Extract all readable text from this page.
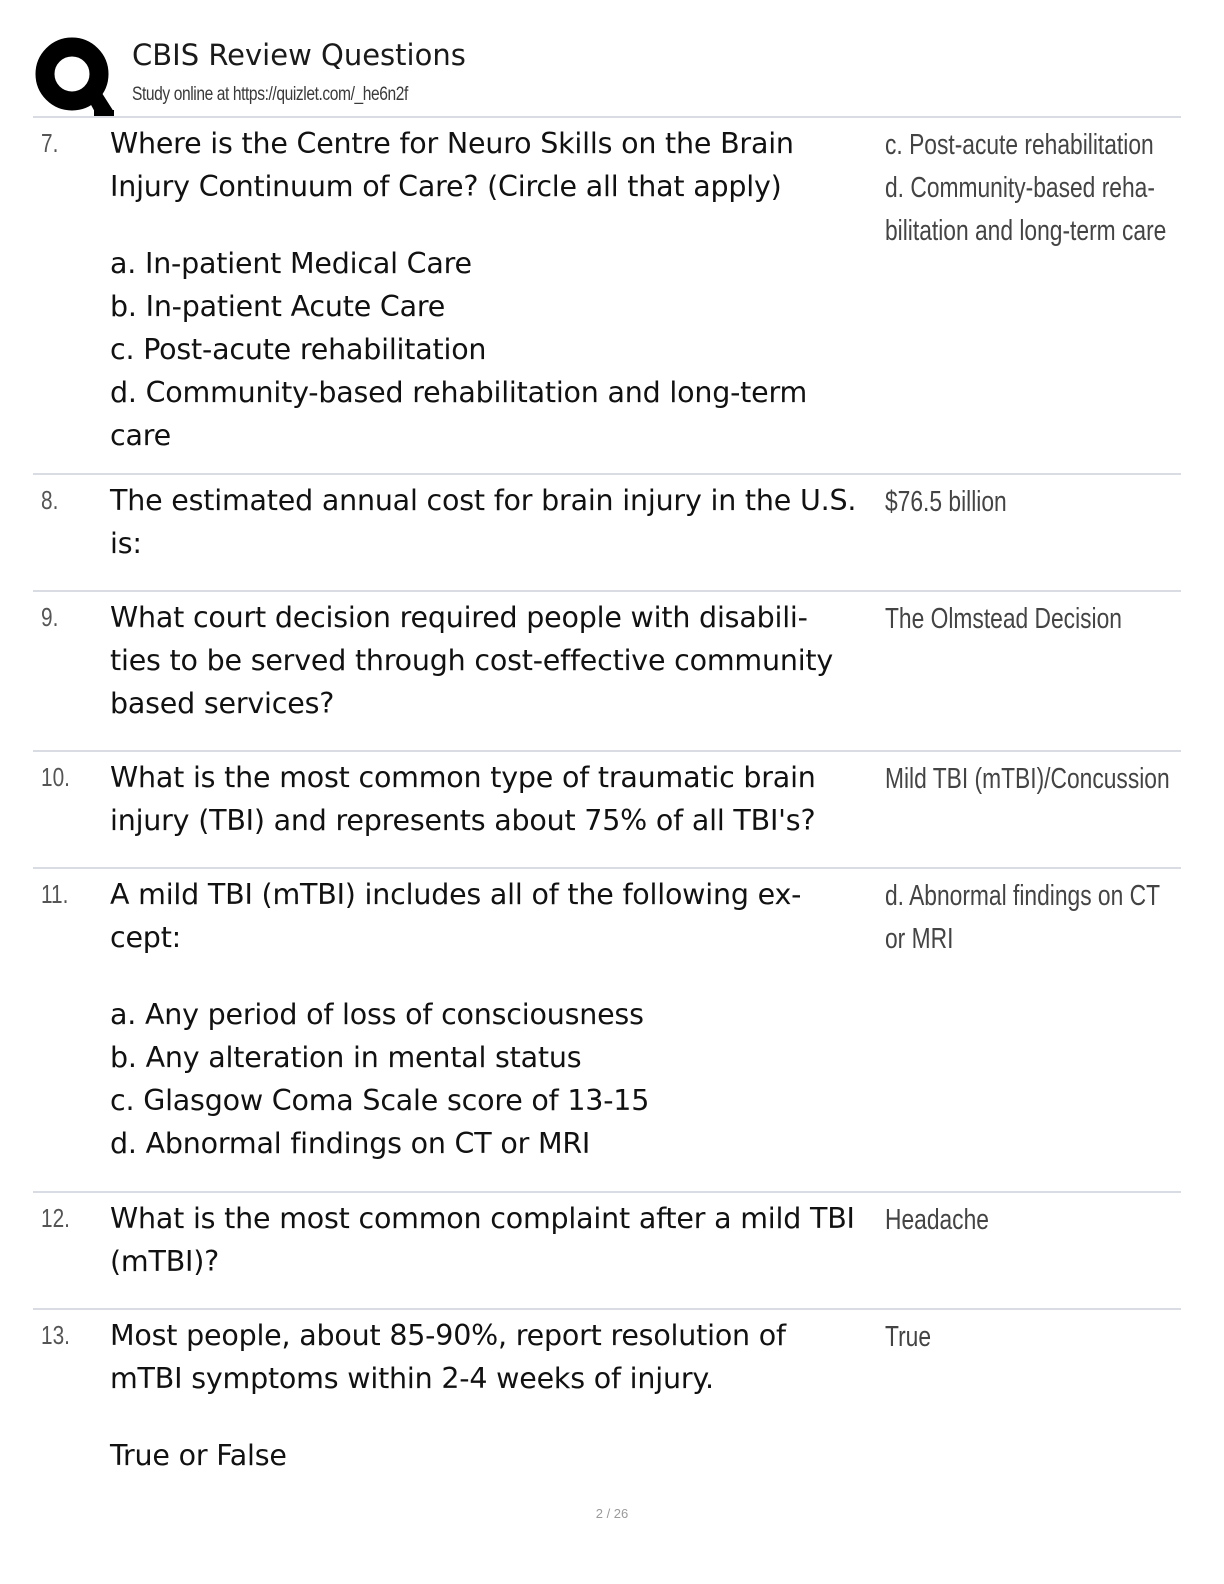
CBIS Review Questions
Study online at https://quizlet.com/_he6n2f
7. Where is the Centre for Neuro Skills on the Brain
Injury Continuum of Care? (Circle all that apply)
a. In-patient Medical Care
b. In-patient Acute Care
c. Post-acute rehabilitation
d. Community-based rehabilitation and long-term
care
c. Post-acute rehabilitation
d. Community-based reha-
bilitation and long-term care
8. The estimated annual cost for brain injury in the U.S.
is:
$76.5 billion
9. What court decision required people with disabili-
ties to be served through cost-effective community
based services?
The Olmstead Decision
10. What is the most common type of traumatic brain
injury (TBI) and represents about 75% of all TBI's?
Mild TBI (mTBI)/Concussion
11. A mild TBI (mTBI) includes all of the following ex-
cept:
a. Any period of loss of consciousness
b. Any alteration in mental status
c. Glasgow Coma Scale score of 13-15
d. Abnormal findings on CT or MRI
d. Abnormal findings on CT
or MRI
12. What is the most common complaint after a mild TBI
(mTBI)?
Headache
13. Most people, about 85-90%, report resolution of
mTBI symptoms within 2-4 weeks of injury.
True or False
True
2 / 26
